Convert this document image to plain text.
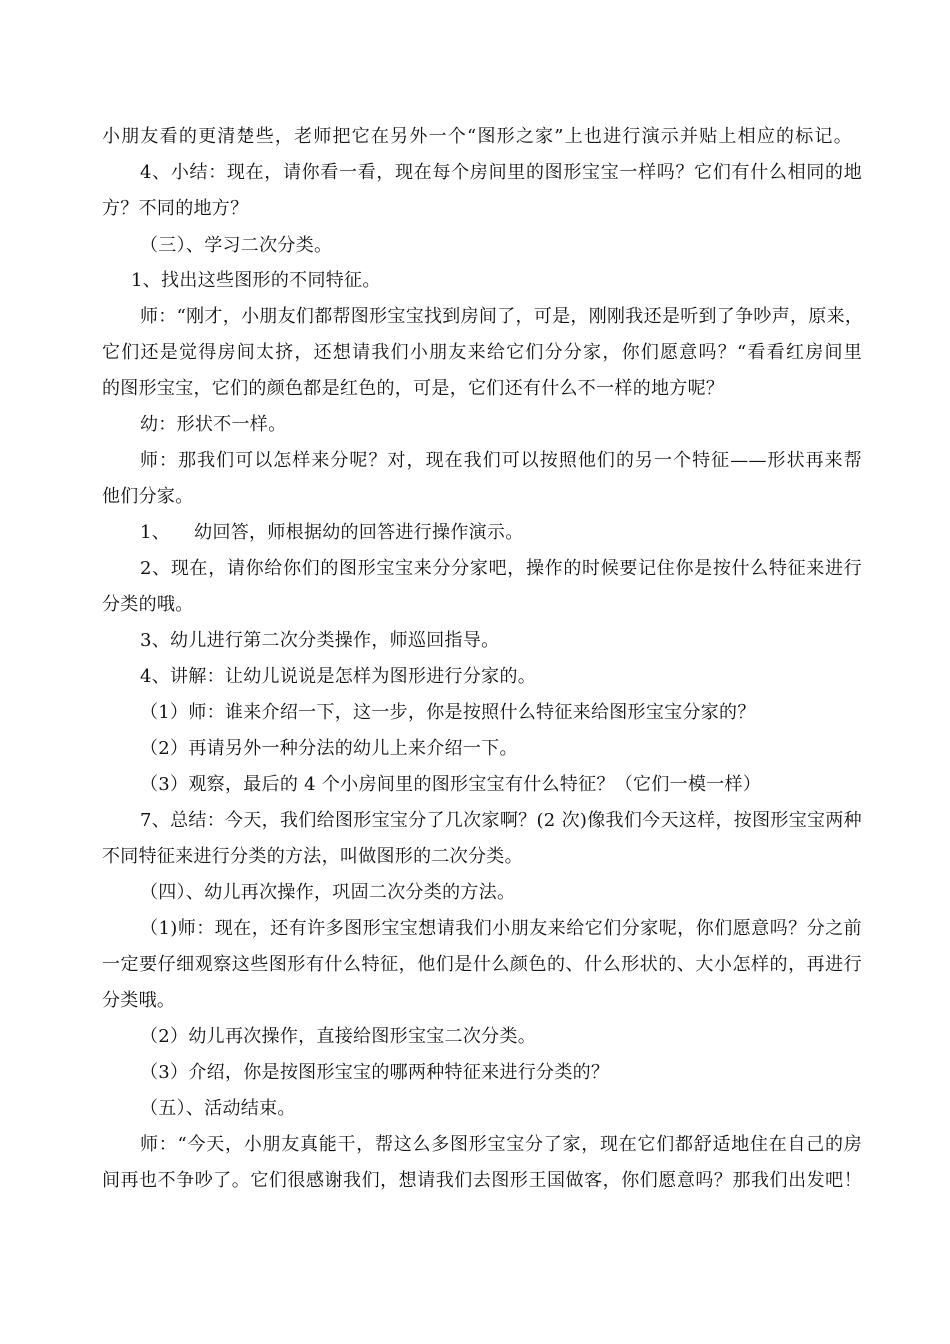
小朋友看的更清楚些，老师把它在另外一个“图形之家”上也进行演示并贴上相应的标记。
4、小结：现在，请你看一看，现在每个房间里的图形宝宝一样吗？它们有什么相同的地
方？不同的地方？
（三）、学习二次分类。
1、找出这些图形的不同特征。
师：“刚才，小朋友们都帮图形宝宝找到房间了，可是，刚刚我还是听到了争吵声，原来，
它们还是觉得房间太挤，还想请我们小朋友来给它们分分家，你们愿意吗？“看看红房间里
的图形宝宝，它们的颜色都是红色的，可是，它们还有什么不一样的地方呢？
幼：形状不一样。
师：那我们可以怎样来分呢？对，现在我们可以按照他们的另一个特征——形状再来帮
他们分家。
1、    幼回答，师根据幼的回答进行操作演示。
2、现在，请你给你们的图形宝宝来分分家吧，操作的时候要记住你是按什么特征来进行
分类的哦。
3、幼儿进行第二次分类操作，师巡回指导。
4、讲解：让幼儿说说是怎样为图形进行分家的。
（1）师：谁来介绍一下，这一步，你是按照什么特征来给图形宝宝分家的？
（2）再请另外一种分法的幼儿上来介绍一下。
（3）观察，最后的 4 个小房间里的图形宝宝有什么特征？（它们一模一样）
7、总结：今天，我们给图形宝宝分了几次家啊？(2 次)像我们今天这样，按图形宝宝两种
不同特征来进行分类的方法，叫做图形的二次分类。
（四）、幼儿再次操作，巩固二次分类的方法。
（1)师：现在，还有许多图形宝宝想请我们小朋友来给它们分家呢，你们愿意吗？分之前
一定要仔细观察这些图形有什么特征，他们是什么颜色的、什么形状的、大小怎样的，再进行
分类哦。
（2）幼儿再次操作，直接给图形宝宝二次分类。
（3）介绍，你是按图形宝宝的哪两种特征来进行分类的？
（五）、活动结束。
师：“今天，小朋友真能干，帮这么多图形宝宝分了家，现在它们都舒适地住在自己的房
间再也不争吵了。它们很感谢我们，想请我们去图形王国做客，你们愿意吗？那我们出发吧！
